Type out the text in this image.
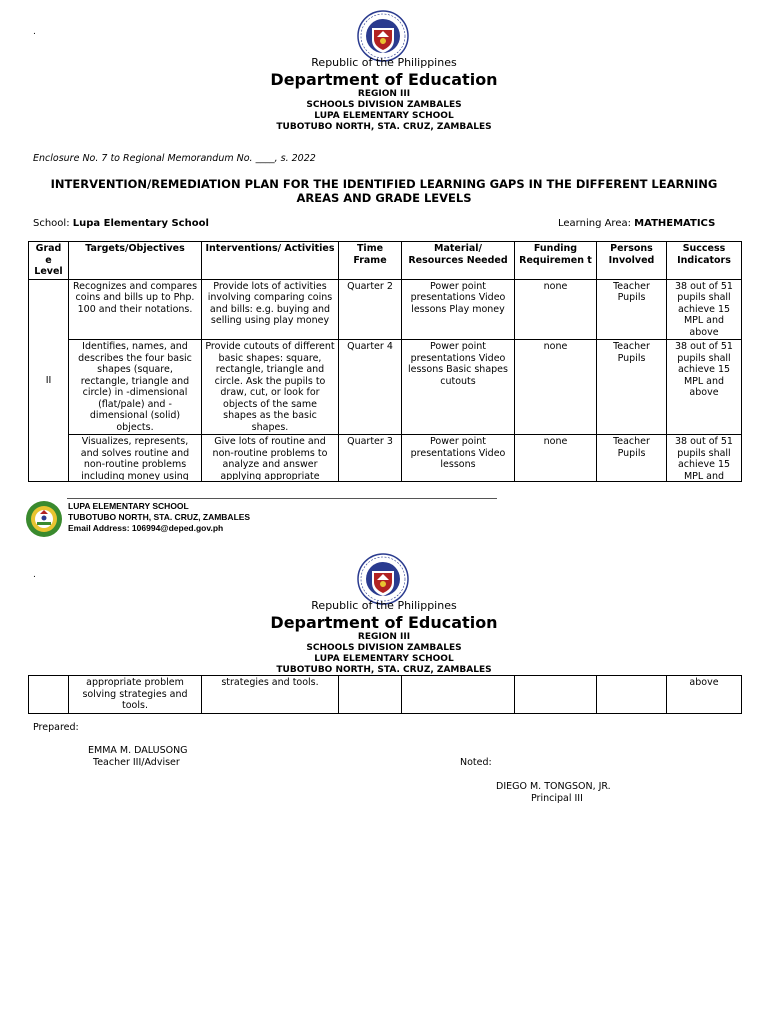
.
Republic of the Philippines
Department of Education
REGION III
SCHOOLS DIVISION ZAMBALES
LUPA ELEMENTARY SCHOOL
TUBOTUBO NORTH, STA. CRUZ, ZAMBALES
Enclosure No. 7 to Regional Memorandum No. ____, s. 2022
INTERVENTION/REMEDIATION PLAN FOR THE IDENTIFIED LEARNING GAPS IN THE DIFFERENT LEARNING AREAS AND GRADE LEVELS
School: Lupa Elementary School	Learning Area: MATHEMATICS
Grad e Level	Targets/Objectives	Interventions/ Activities	Time Frame	Material/ Resources Needed	Funding Requiremen t	Persons Involved	Success Indicators
II	Recognizes and compares coins and bills up to Php. 100 and their notations.	Provide lots of activities involving comparing coins and bills: e.g. buying and selling using play money	Quarter 2	Power point presentations Video lessons Play money	none	Teacher Pupils	38 out of 51 pupils shall achieve 15 MPL and above
	Identifies, names, and describes the four basic shapes (square, rectangle, triangle and circle) in -dimensional (flat/pale) and -dimensional (solid) objects.	Provide cutouts of different basic shapes: square, rectangle, triangle and circle. Ask the pupils to draw, cut, or look for objects of the same shapes as the basic shapes.	Quarter 4	Power point presentations Video lessons Basic shapes cutouts	none	Teacher Pupils	38 out of 51 pupils shall achieve 15 MPL and above

	Visualizes, represents, and solves routine and non-routine problems including money using	Give lots of routine and non-routine problems to analyze and answer applying appropriate	Quarter 3	Power point presentations Video lessons	none	Teacher Pupils	38 out of 51 pupils shall achieve 15 MPL and
LUPA ELEMENTARY SCHOOL
TUBOTUBO NORTH, STA. CRUZ, ZAMBALES
Email Address: 106994@deped.gov.ph
.
Republic of the Philippines
Department of Education
REGION III
SCHOOLS DIVISION ZAMBALES
LUPA ELEMENTARY SCHOOL
TUBOTUBO NORTH, STA. CRUZ, ZAMBALES
	appropriate problem solving strategies and tools.	strategies and tools.					above
Prepared:
EMMA M. DALUSONG
Teacher III/Adviser	Noted:
DIEGO M. TONGSON, JR.
Principal III
